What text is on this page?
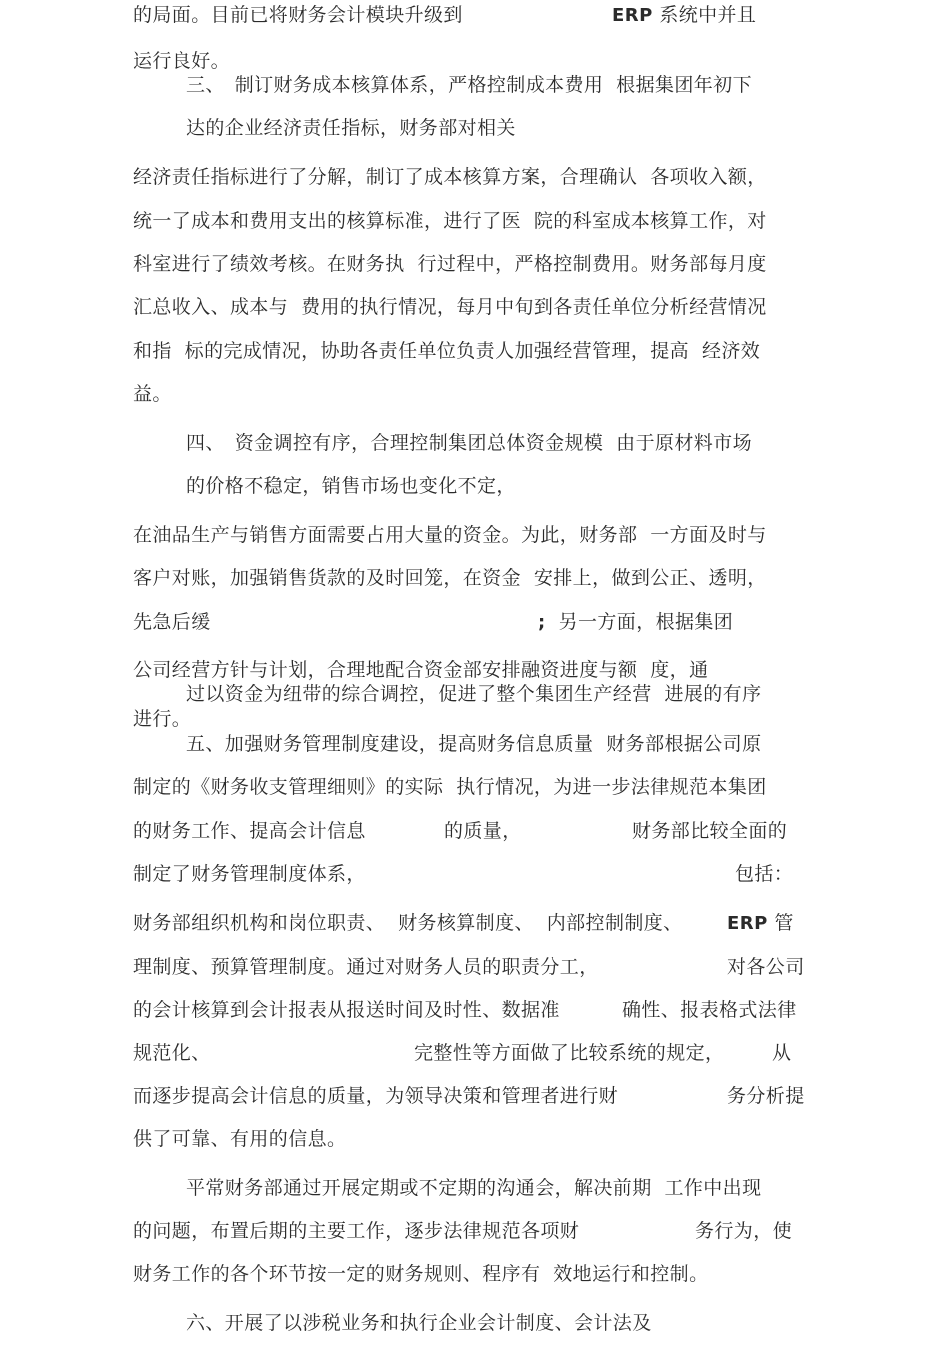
的局面。目前已将财务会计模块升级到	ERP 系统中并且
运行良好。
三、　制订财务成本核算体系，严格控制成本费用  根据集团年初下
达的企业经济责任指标，财务部对相关
经济责任指标进行了分解，制订了成本核算方案，合理确认  各项收入额，
统一了成本和费用支出的核算标准，进行了医  院的科室成本核算工作，对
科室进行了绩效考核。在财务执  行过程中，严格控制费用。财务部每月度
汇总收入、成本与  费用的执行情况，每月中旬到各责任单位分析经营情况
和指  标的完成情况，协助各责任单位负责人加强经营管理，提高  经济效
益。
四、　资金调控有序，合理控制集团总体资金规模  由于原材料市场
的价格不稳定，销售市场也变化不定，
在油品生产与销售方面需要占用大量的资金。为此，财务部  一方面及时与
客户对账，加强销售货款的及时回笼，在资金  安排上，做到公正、透明，
先急后缓	; 另一方面，根据集团
公司经营方针与计划，合理地配合资金部安排融资进度与额  度，通
过以资金为纽带的综合调控，促进了整个集团生产经营  进展的有序
进行。
五、加强财务管理制度建设，提高财务信息质量  财务部根据公司原
制定的《财务收支管理细则》的实际  执行情况，为进一步法律规范本集团
的财务工作、提高会计信息	的质量，	财务部比较全面的
制定了财务管理制度体系，	包括：
财务部组织机构和岗位职责、  财务核算制度、  内部控制制度、 ERP 管
理制度、预算管理制度。通过对财务人员的职责分工，	对各公司
的会计核算到会计报表从报送时间及时性、数据准	确性、报表格式法律
规范化、	完整性等方面做了比较系统的规定，	从
而逐步提高会计信息的质量，为领导决策和管理者进行财	务分析提
供了可靠、有用的信息。
平常财务部通过开展定期或不定期的沟通会，解决前期  工作中出现
的问题，布置后期的主要工作，逐步法律规范各项财	务行为，使
财务工作的各个环节按一定的财务规则、程序有  效地运行和控制。
六、开展了以涉税业务和执行企业会计制度、会计法及
